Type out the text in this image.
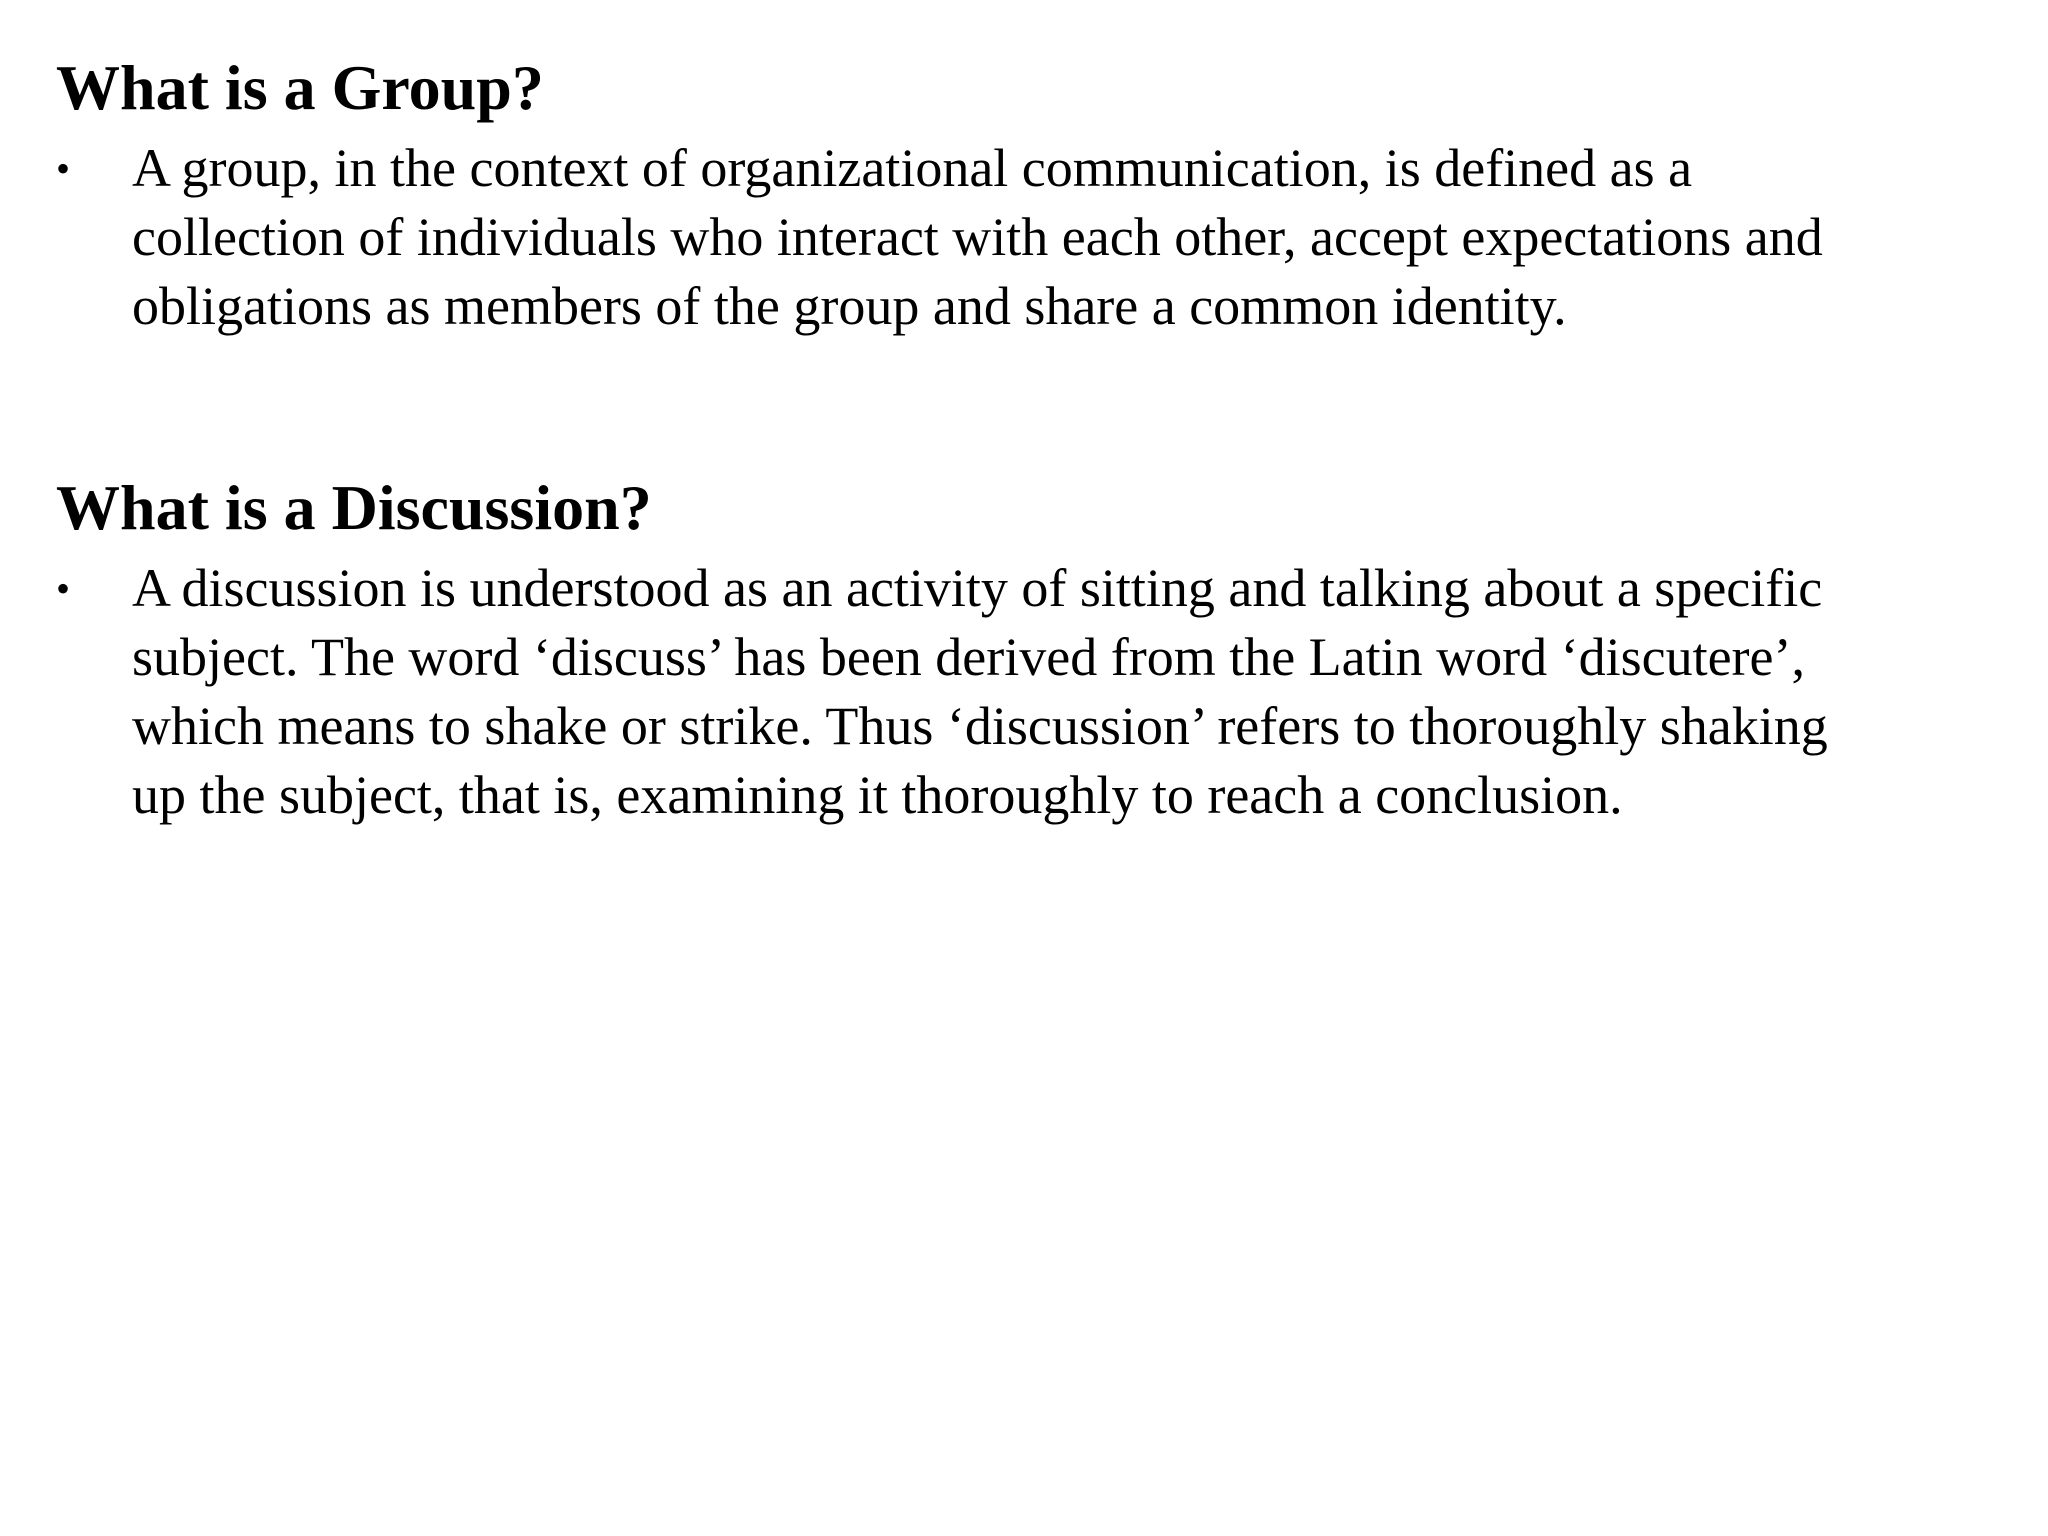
What is a Group?
• A group, in the context of organizational communication, is defined as a
collection of individuals who interact with each other, accept expectations and
obligations as members of the group and share a common identity.
What is a Discussion?
• A discussion is understood as an activity of sitting and talking about a specific
subject. The word ‘discuss’ has been derived from the Latin word ‘discutere’,
which means to shake or strike. Thus ‘discussion’ refers to thoroughly shaking
up the subject, that is, examining it thoroughly to reach a conclusion.
